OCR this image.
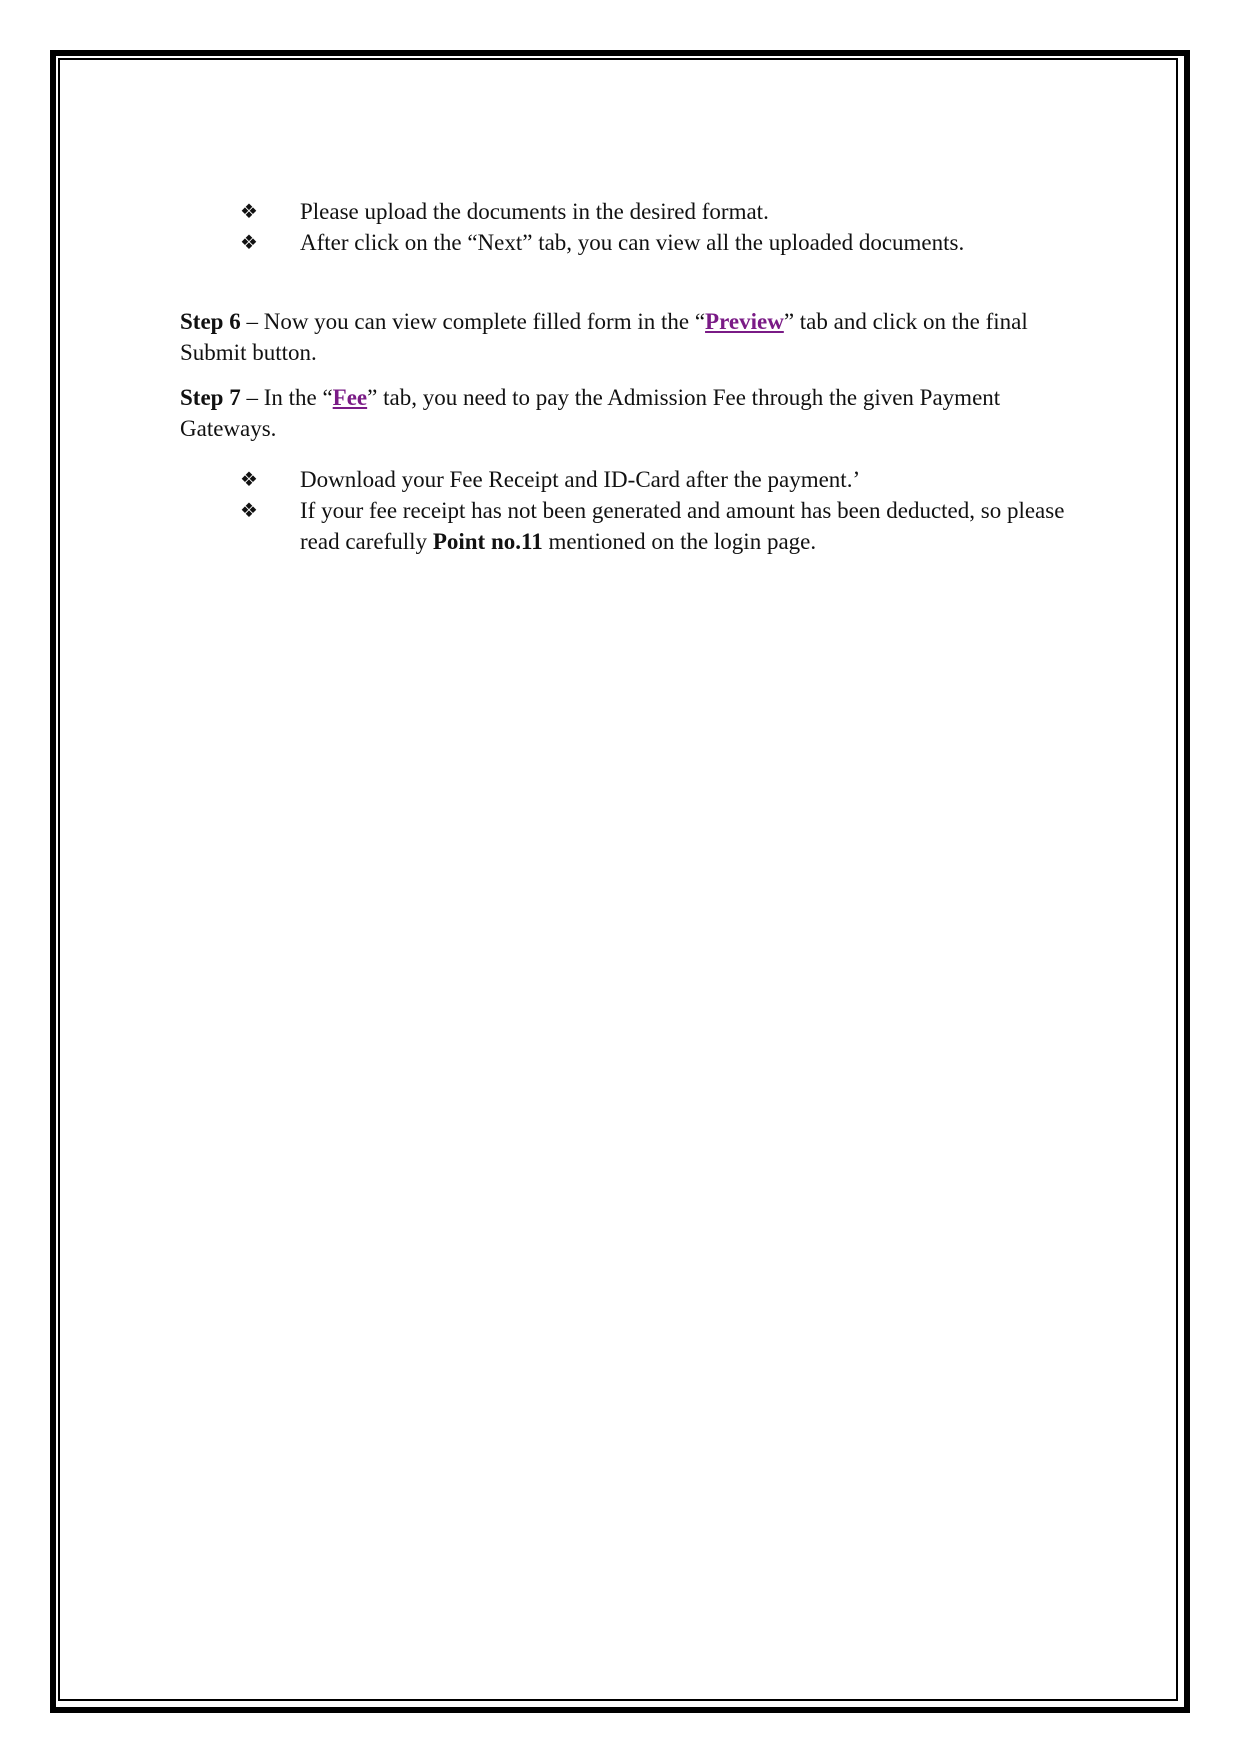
❖ Please upload the documents in the desired format.
❖ After click on the “Next” tab, you can view all the uploaded documents.

Step 6 – Now you can view complete filled form in the “Preview” tab and click on the final Submit button.

Step 7 – In the “Fee” tab, you need to pay the Admission Fee through the given Payment Gateways.

❖ Download your Fee Receipt and ID-Card after the payment.’
❖ If your fee receipt has not been generated and amount has been deducted, so please read carefully Point no.11 mentioned on the login page.
